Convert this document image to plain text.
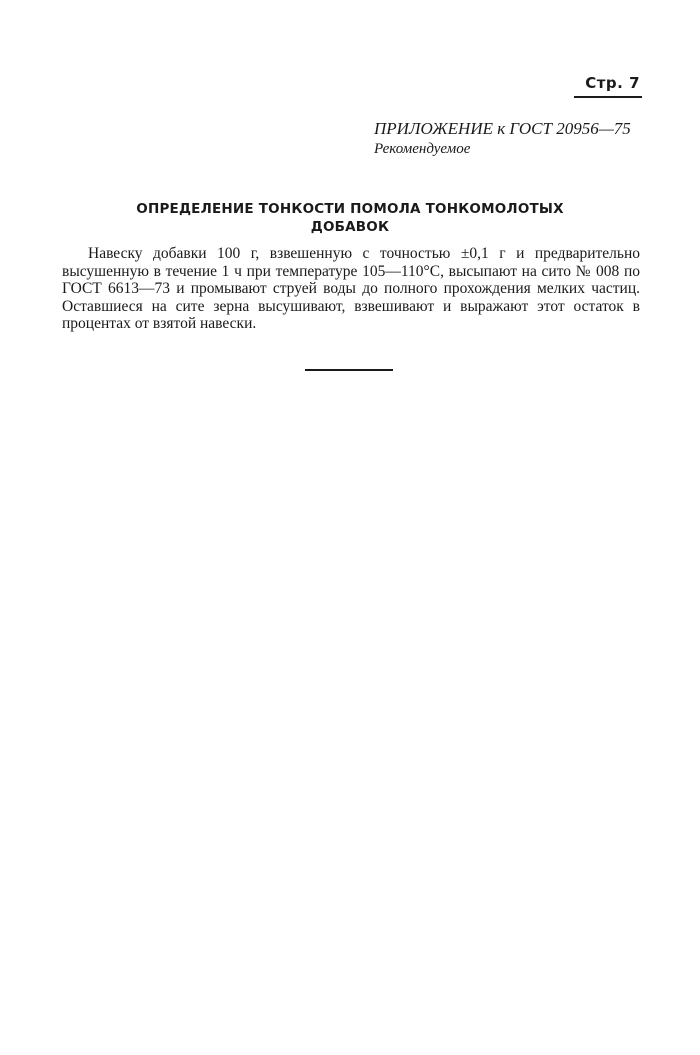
Стр. 7
ПРИЛОЖЕНИЕ к ГОСТ 20956—75
Рекомендуемое
ОПРЕДЕЛЕНИЕ ТОНКОСТИ ПОМОЛА ТОНКОМОЛОТЫХ
ДОБАВОК

Навеску добавки 100 г, взвешенную с точностью ±0,1 г и предварительно высушенную в течение 1 ч при температуре 105—110°С, высыпают на сито № 008 по ГОСТ 6613—73 и промывают струей воды до полного прохождения мелких частиц. Оставшиеся на сите зерна высушивают, взвешивают и выражают этот остаток в процентах от взятой навески.
